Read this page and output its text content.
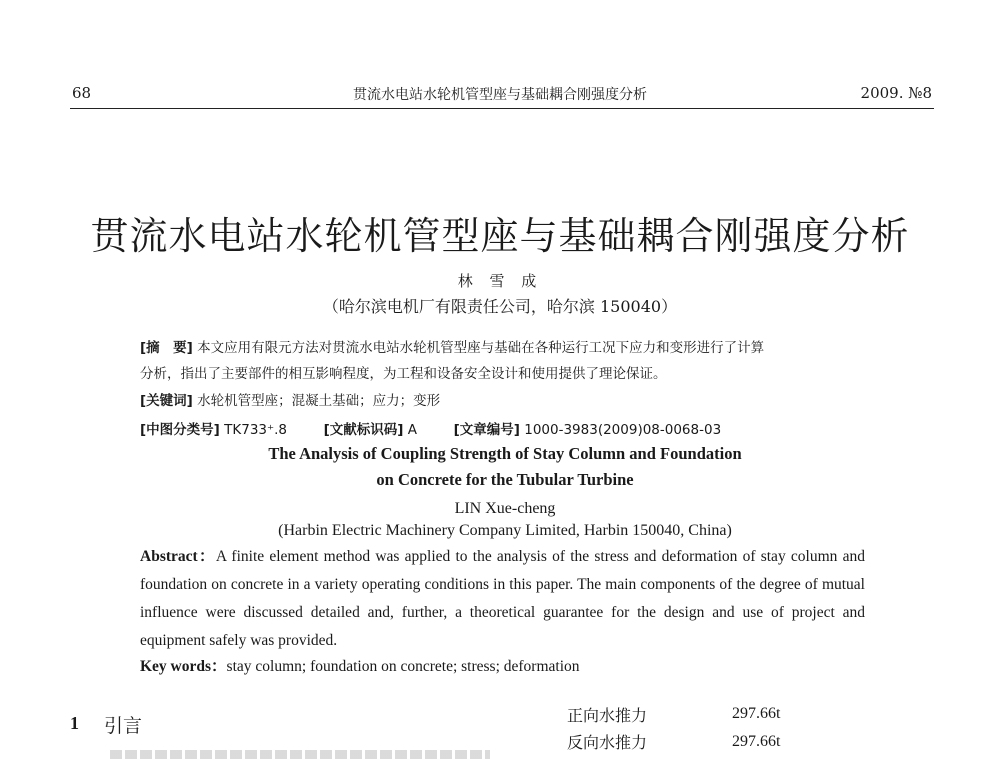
68	贯流水电站水轮机管型座与基础耦合刚强度分析	2009. №8
贯流水电站水轮机管型座与基础耦合刚强度分析
林 雪 成
（哈尔滨电机厂有限责任公司，哈尔滨 150040）
[摘　要] 本文应用有限元方法对贯流水电站水轮机管型座与基础在各种运行工况下应力和变形进行了计算
分析，指出了主要部件的相互影响程度，为工程和设备安全设计和使用提供了理论保证。
[关键词] 水轮机管型座；混凝土基础；应力；变形
[中图分类号] TK733⁺.8	[文献标识码] A	[文章编号] 1000-3983(2009)08-0068-03
The Analysis of Coupling Strength of Stay Column and Foundation
on Concrete for the Tubular Turbine
LIN Xue-cheng
(Harbin Electric Machinery Company Limited, Harbin 150040, China)
Abstract：A finite element method was applied to the analysis of the stress and deformation of stay column and foundation on concrete in a variety operating conditions in this paper. The main components of the degree of mutual influence were discussed detailed and, further, a theoretical guarantee for the design and use of project and equipment safely was provided.
Key words：stay column; foundation on concrete; stress; deformation
1 引言	正向水推力	297.66t
反向水推力	297.66t
